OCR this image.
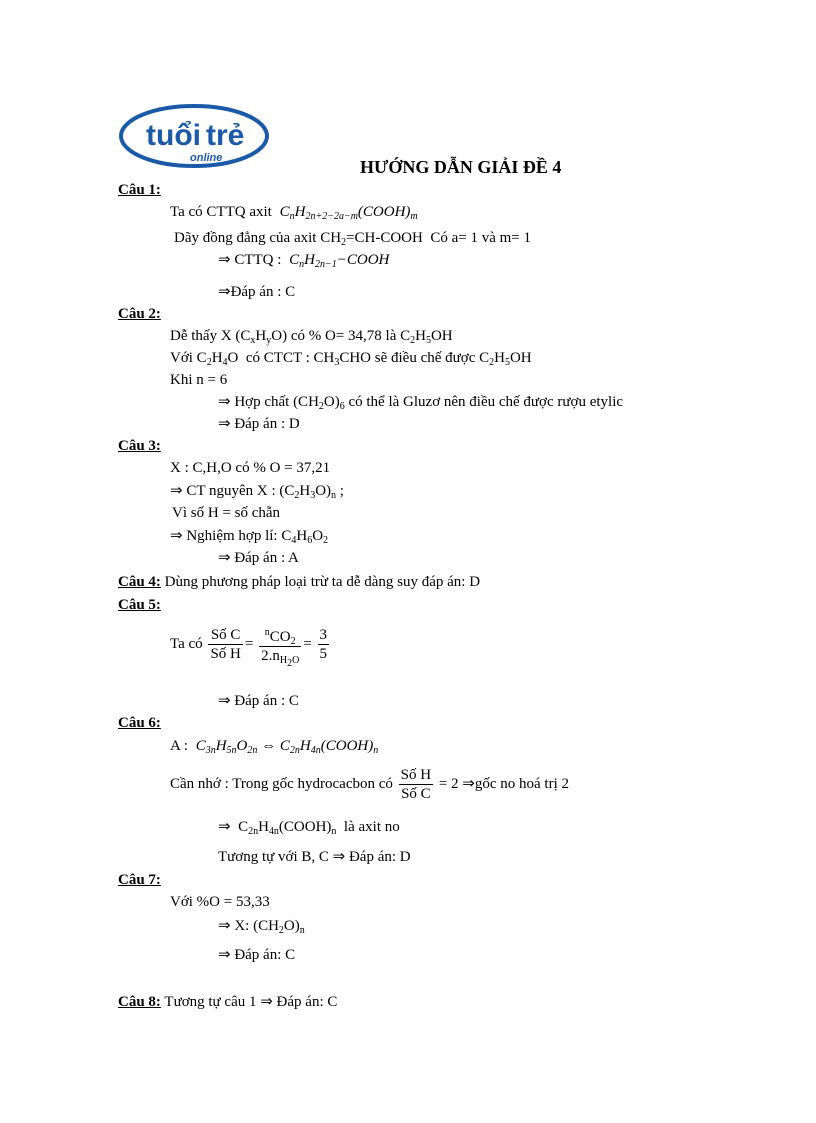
tuổi trẻ
online	HƯỚNG DẪN GIẢI ĐỀ 4
Câu 1:
Ta có CTTQ axit $C_nH_{2n+2-2a-m}(COOH)_m$
Dãy đồng đẳng của axit $CH_2=CH$-COOH  Có a= 1 và m= 1
⇒ CTTQ : $C_nH_{2n-1}-COOH$
⇒Đáp án : C
Câu 2:
Dễ thấy X $(C_xH_yO)$ có % O= 34,78 là $C_2H_5OH$
Với $C_2H_4O$  có CTCT : $CH_3CHO$ sẽ điều chế được $C_2H_5OH$
Khi n = 6
⇒ Hợp chất $(CH_2O)_6$ có thể là Gluzơ nên điều chế được rượu etylic
⇒ Đáp án : D
Câu 3:
X : C,H,O có % O = 37,21
⇒ CT nguyên X : $(C_2H_3O)_n$ ;
Vì số H = số chẵn
⇒ Nghiệm hợp lí: $C_4H_6O_2$
⇒ Đáp án : A
Câu 4: Dùng phương pháp loại trừ ta dễ dàng suy đáp án: D
Câu 5:
Ta có $\frac{\text{Số C}}{\text{Số H}} = \frac{^nCO_2}{2.n_{H_2O}} = \frac{3}{5}$
⇒ Đáp án : C
Câu 6:
A : $C_{3n}H_{5n}O_{2n}$ ⇔ $C_{2n}H_{4n}(COOH)_n$
Cần nhớ : Trong gốc hydrocacbon có $\frac{\text{Số H}}{\text{Số C}} = 2$ ⇒gốc no hoá trị 2
⇒  $C_{2n}H_{4n}(COOH)_n$ là axit no
Tương tự với B, C ⇒ Đáp án: D
Câu 7:
Với %O = 53,33
⇒ X: $(CH_2O)_n$
⇒ Đáp án: C
Câu 8: Tương tự câu 1 ⇒ Đáp án: C
